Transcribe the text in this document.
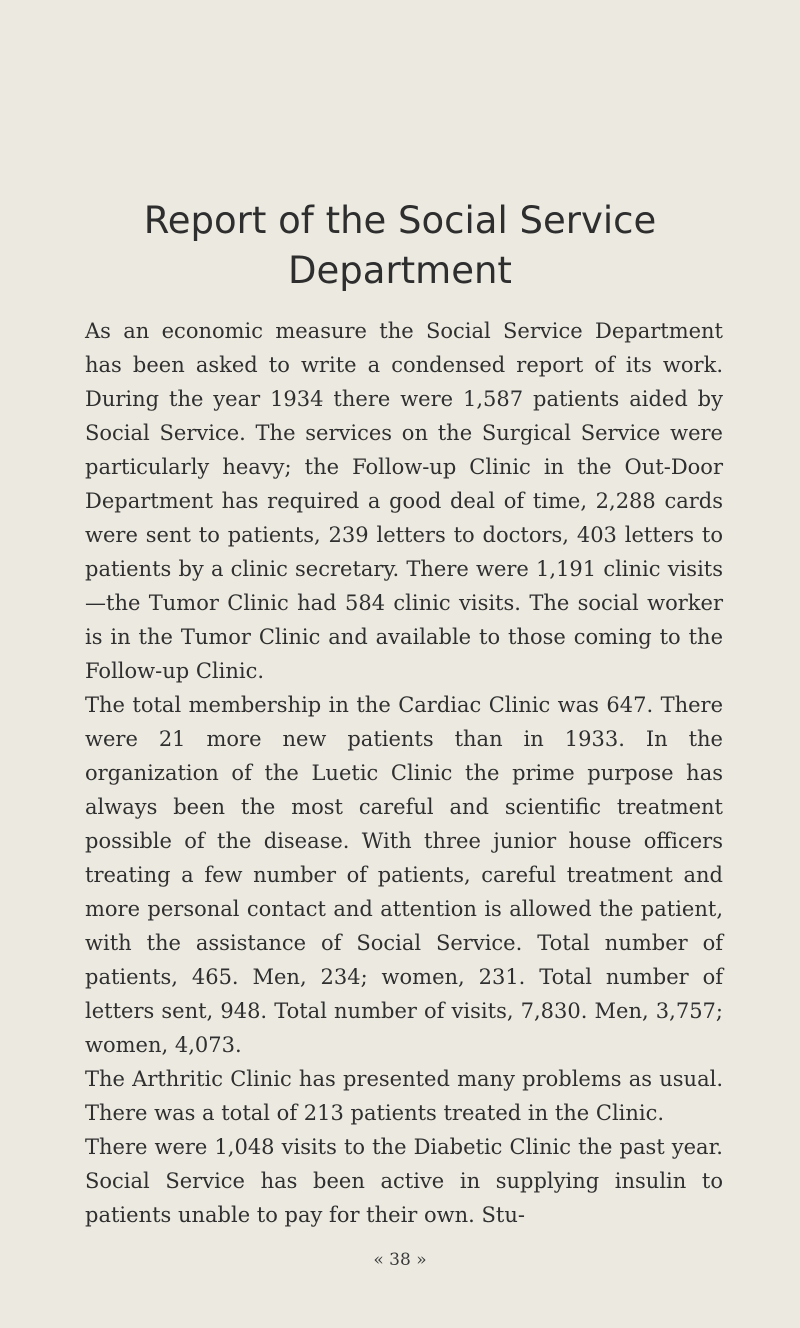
Report of the Social Service
Department

As an economic measure the Social Service Department has been asked to write a condensed report of its work. During the year 1934 there were 1,587 patients aided by Social Service. The services on the Surgical Service were particularly heavy; the Follow-up Clinic in the Out-Door Department has required a good deal of time, 2,288 cards were sent to patients, 239 letters to doctors, 403 letters to patients by a clinic secretary. There were 1,191 clinic visits—the Tumor Clinic had 584 clinic visits. The social worker is in the Tumor Clinic and available to those coming to the Follow-up Clinic.

The total membership in the Cardiac Clinic was 647. There were 21 more new patients than in 1933. In the organization of the Luetic Clinic the prime purpose has always been the most careful and scientific treatment possible of the disease. With three junior house officers treating a few number of patients, careful treatment and more personal contact and attention is allowed the patient, with the assistance of Social Service. Total number of patients, 465. Men, 234; women, 231. Total number of letters sent, 948. Total number of visits, 7,830. Men, 3,757; women, 4,073.

The Arthritic Clinic has presented many problems as usual. There was a total of 213 patients treated in the Clinic.

There were 1,048 visits to the Diabetic Clinic the past year. Social Service has been active in supplying insulin to patients unable to pay for their own. Stu-

« 38 »
